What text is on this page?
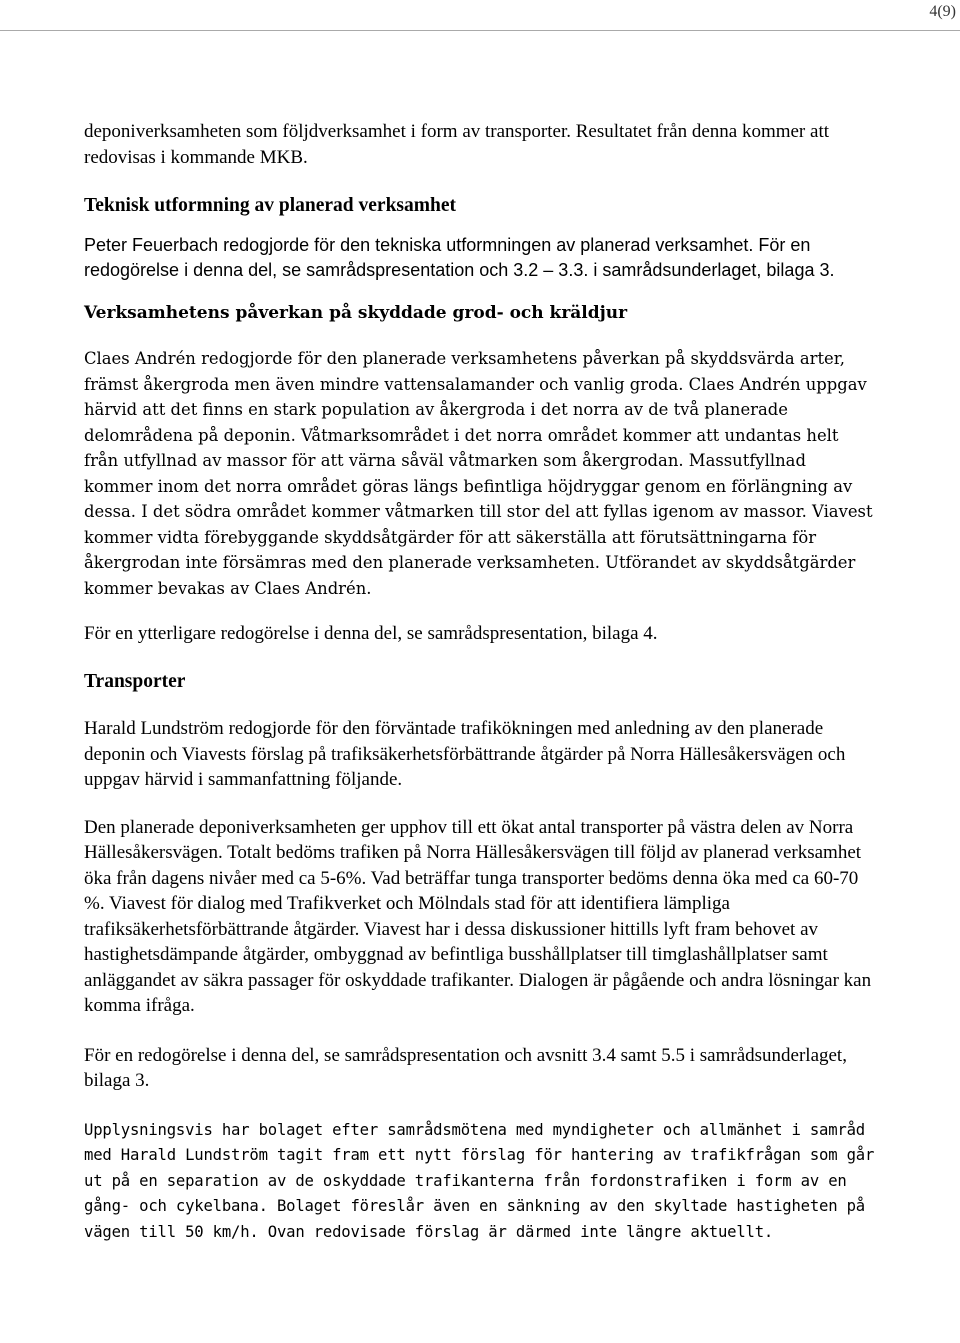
4(9)

deponiverksamheten som följdverksamhet i form av transporter. Resultatet från denna kommer att redovisas i kommande MKB.

Teknisk utformning av planerad verksamhet

Peter Feuerbach redogjorde för den tekniska utformningen av planerad verksamhet. För en redogörelse i denna del, se samrådspresentation och 3.2 – 3.3. i samrådsunderlaget, bilaga 3.

Verksamhetens påverkan på skyddade grod- och kräldjur

Claes Andrén redogjorde för den planerade verksamhetens påverkan på skyddsvärda arter, främst åkergroda men även mindre vattensalamander och vanlig groda. Claes Andrén uppgav härvid att det finns en stark population av åkergroda i det norra av de två planerade delområdena på deponin. Våtmarksområdet i det norra området kommer att undantas helt från utfyllnad av massor för att värna såväl våtmarken som åkergrodan. Massutfyllnad kommer inom det norra området göras längs befintliga höjdryggar genom en förlängning av dessa. I det södra området kommer våtmarken till stor del att fyllas igenom av massor. Viavest kommer vidta förebyggande skyddsåtgärder för att säkerställa att förutsättningarna för åkergrodan inte försämras med den planerade verksamheten. Utförandet av skyddsåtgärder kommer bevakas av Claes Andrén.

För en ytterligare redogörelse i denna del, se samrådspresentation, bilaga 4.

Transporter

Harald Lundström redogjorde för den förväntade trafikökningen med anledning av den planerade deponin och Viavests förslag på trafiksäkerhetsförbättrande åtgärder på Norra Hällesåkersvägen och uppgav härvid i sammanfattning följande.

Den planerade deponiverksamheten ger upphov till ett ökat antal transporter på västra delen av Norra Hällesåkersvägen. Totalt bedöms trafiken på Norra Hällesåkersvägen till följd av planerad verksamhet öka från dagens nivåer med ca 5-6%. Vad beträffar tunga transporter bedöms denna öka med ca 60-70 %. Viavest för dialog med Trafikverket och Mölndals stad för att identifiera lämpliga trafiksäkerhetsförbättrande åtgärder. Viavest har i dessa diskussioner hittills lyft fram behovet av hastighetsdämpande åtgärder, ombyggnad av befintliga busshållplatser till timglashållplatser samt anläggandet av säkra passager för oskyddade trafikanter. Dialogen är pågående och andra lösningar kan komma ifråga.

För en redogörelse i denna del, se samrådspresentation och avsnitt 3.4 samt 5.5 i samrådsunderlaget, bilaga 3.

Upplysningsvis har bolaget efter samrådsmötena med myndigheter och allmänhet i samråd med Harald Lundström tagit fram ett nytt förslag för hantering av trafikfrågan som går ut på en separation av de oskyddade trafikanterna från fordonstrafiken i form av en gång- och cykelbana. Bolaget föreslår även en sänkning av den skyltade hastigheten på vägen till 50 km/h. Ovan redovisade förslag är därmed inte längre aktuellt.
